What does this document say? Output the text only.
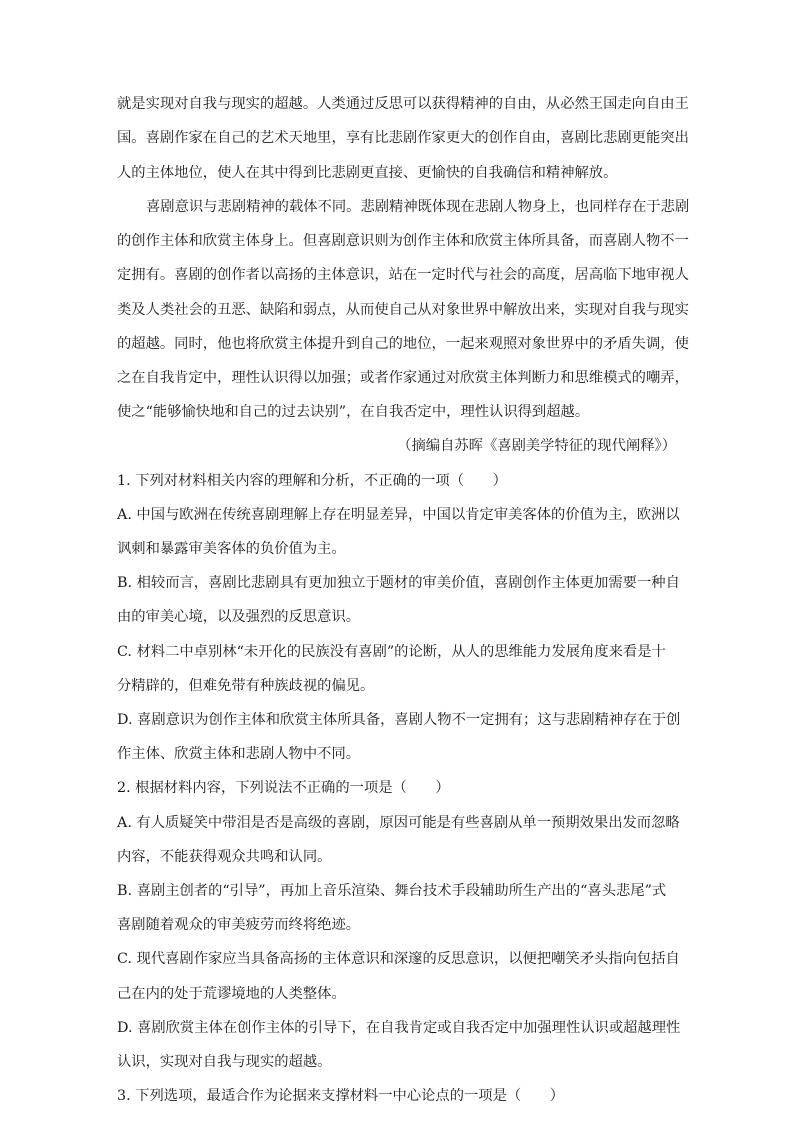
就是实现对自我与现实的超越。人类通过反思可以获得精神的自由，从必然王国走向自由王
国。喜剧作家在自己的艺术天地里，享有比悲剧作家更大的创作自由，喜剧比悲剧更能突出
人的主体地位，使人在其中得到比悲剧更直接、更愉快的自我确信和精神解放。
喜剧意识与悲剧精神的载体不同。悲剧精神既体现在悲剧人物身上，也同样存在于悲剧
的创作主体和欣赏主体身上。但喜剧意识则为创作主体和欣赏主体所具备，而喜剧人物不一
定拥有。喜剧的创作者以高扬的主体意识，站在一定时代与社会的高度，居高临下地审视人
类及人类社会的丑恶、缺陷和弱点，从而使自己从对象世界中解放出来，实现对自我与现实
的超越。同时，他也将欣赏主体提升到自己的地位，一起来观照对象世界中的矛盾失调，使
之在自我肯定中，理性认识得以加强；或者作家通过对欣赏主体判断力和思维模式的嘲弄，
使之“能够愉快地和自己的过去诀别”，在自我否定中，理性认识得到超越。
（摘编自苏晖《喜剧美学特征的现代阐释》）
1. 下列对材料相关内容的理解和分析，不正确的一项（　　）
A. 中国与欧洲在传统喜剧理解上存在明显差异，中国以肯定审美客体的价值为主，欧洲以
讽刺和暴露审美客体的负价值为主。
B. 相较而言，喜剧比悲剧具有更加独立于题材的审美价值，喜剧创作主体更加需要一种自
由的审美心境，以及强烈的反思意识。
C. 材料二中卓别林“未开化的民族没有喜剧”的论断，从人的思维能力发展角度来看是十
分精辟的，但难免带有种族歧视的偏见。
D. 喜剧意识为创作主体和欣赏主体所具备，喜剧人物不一定拥有；这与悲剧精神存在于创
作主体、欣赏主体和悲剧人物中不同。
2. 根据材料内容，下列说法不正确的一项是（　　）
A. 有人质疑笑中带泪是否是高级的喜剧，原因可能是有些喜剧从单一预期效果出发而忽略
内容，不能获得观众共鸣和认同。
B. 喜剧主创者的“引导”，再加上音乐渲染、舞台技术手段辅助所生产出的“喜头悲尾”式
喜剧随着观众的审美疲劳而终将绝迹。
C. 现代喜剧作家应当具备高扬的主体意识和深邃的反思意识，以便把嘲笑矛头指向包括自
己在内的处于荒谬境地的人类整体。
D. 喜剧欣赏主体在创作主体的引导下，在自我肯定或自我否定中加强理性认识或超越理性
认识，实现对自我与现实的超越。
3. 下列选项，最适合作为论据来支撑材料一中心论点的一项是（　　）
